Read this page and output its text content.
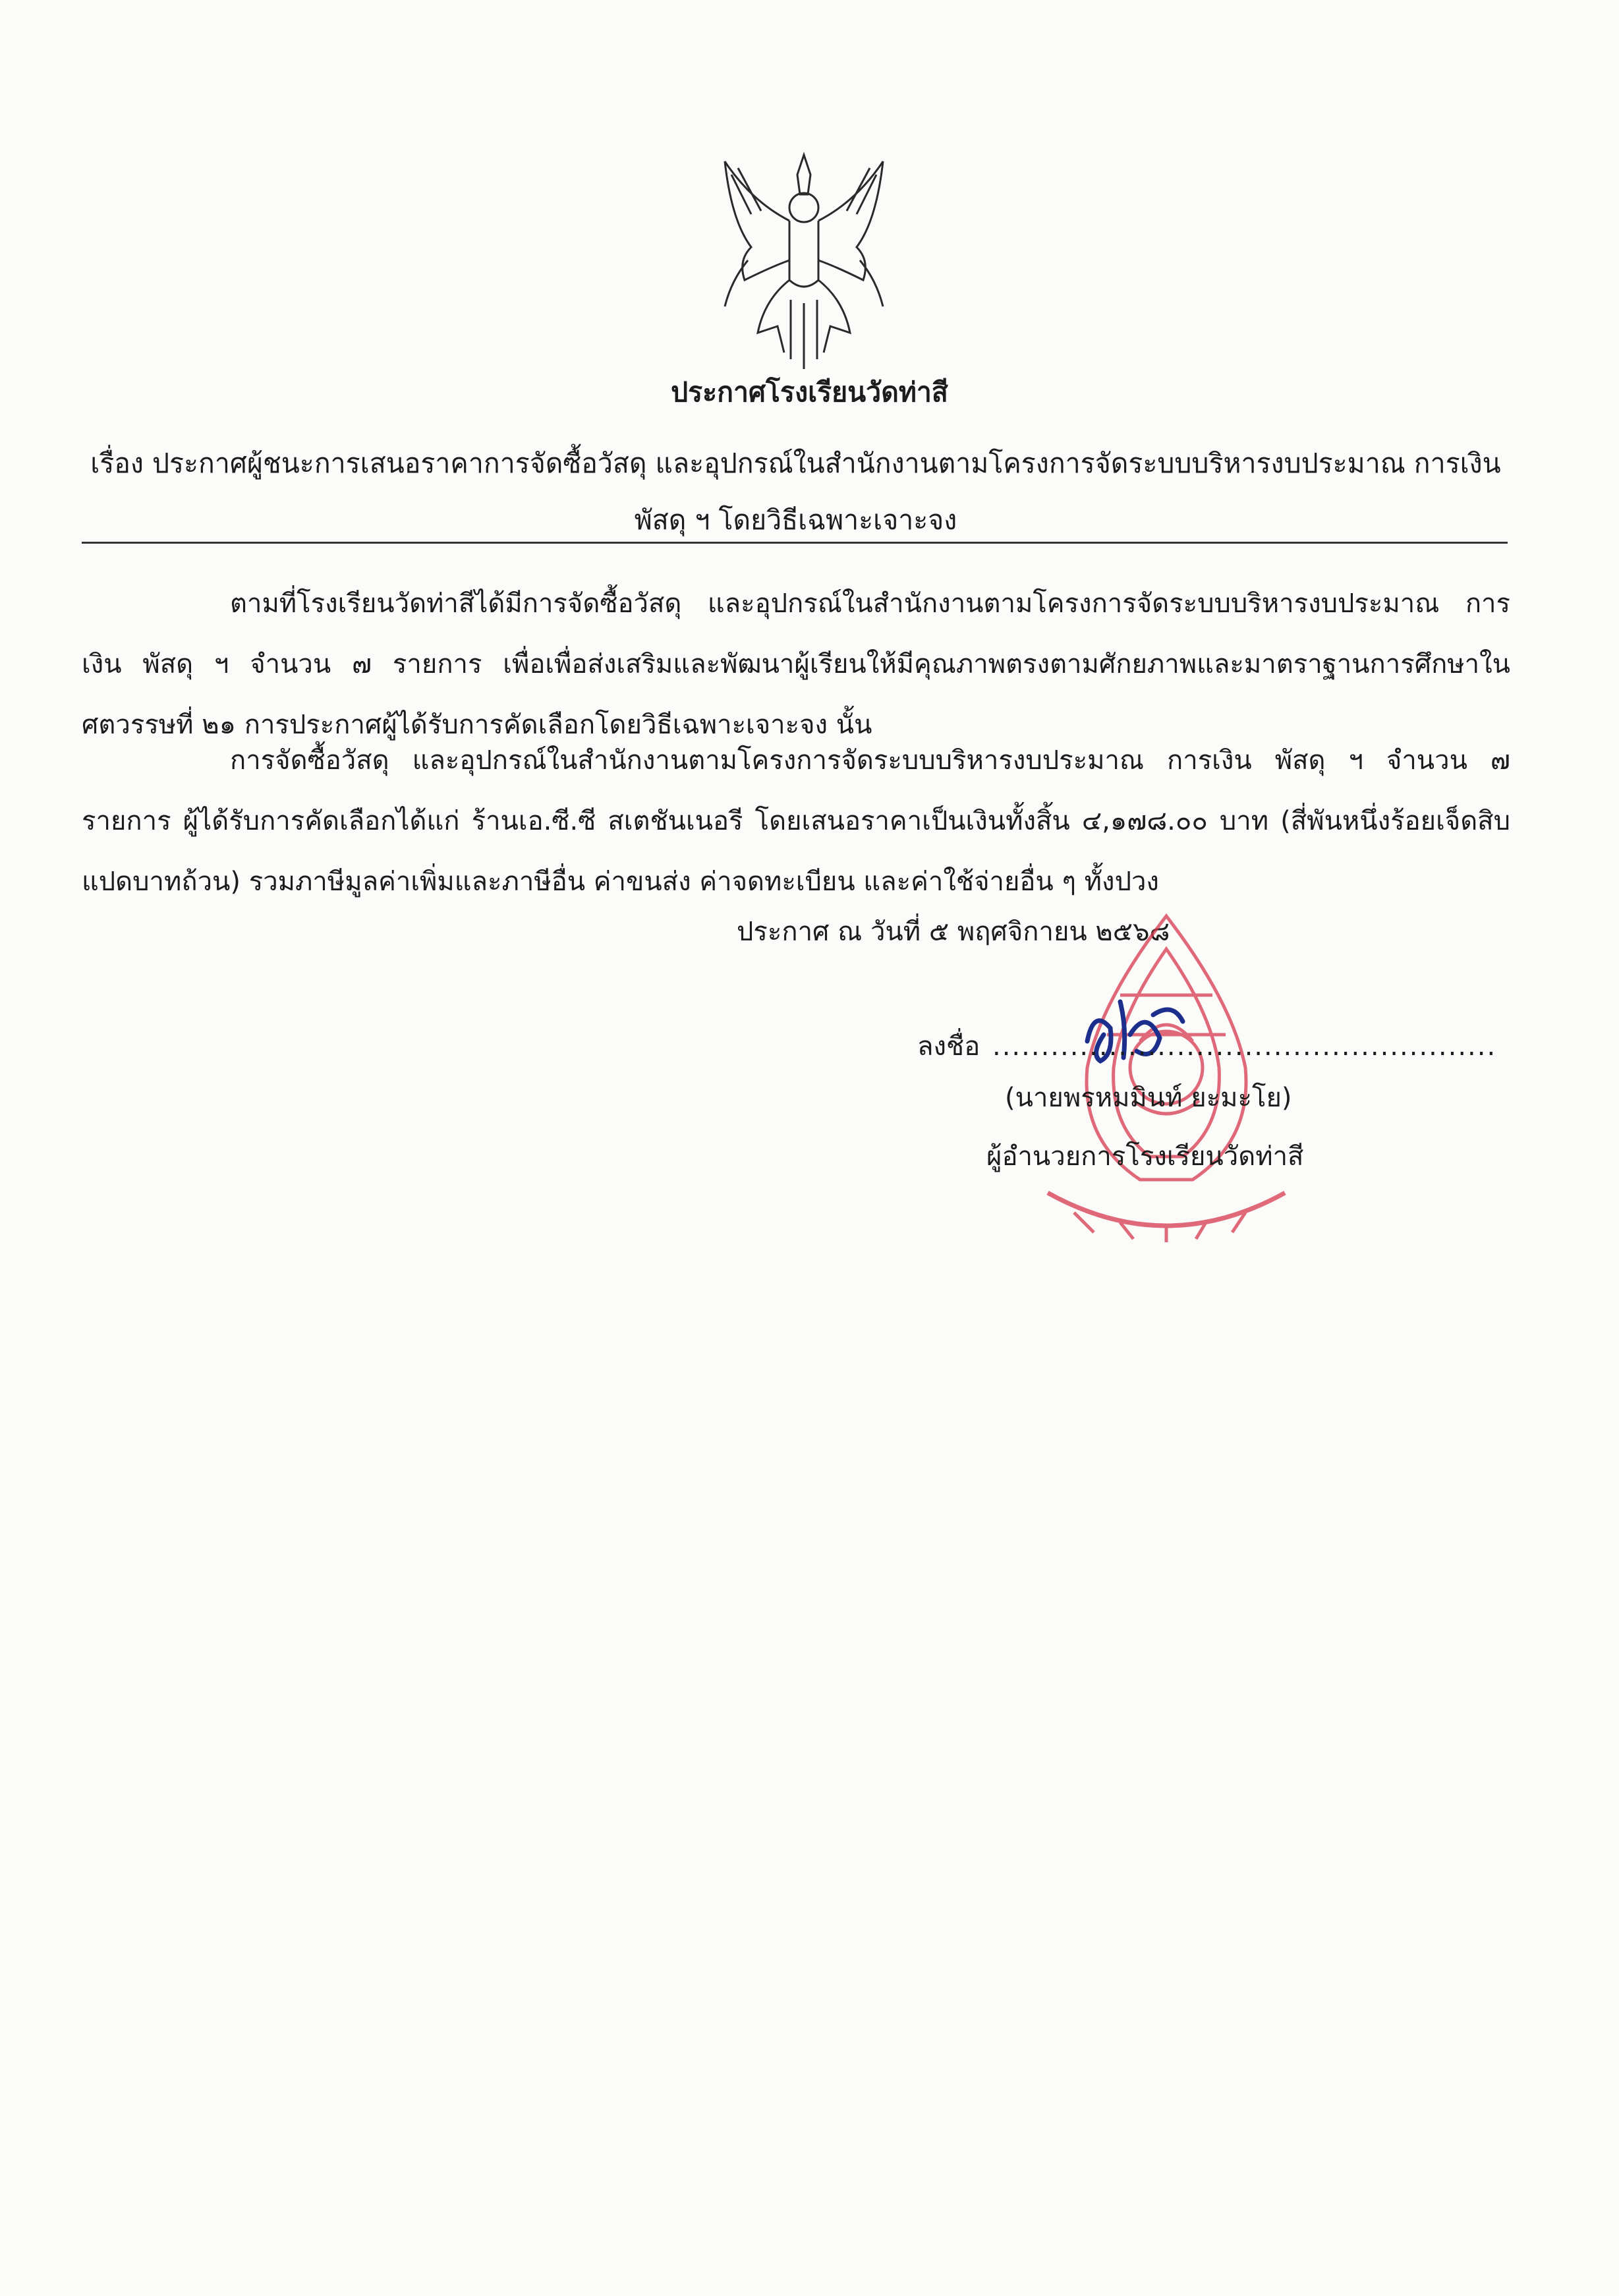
ประกาศโรงเรียนวัดท่าสี
เรื่อง ประกาศผู้ชนะการเสนอราคาการจัดซื้อวัสดุ และอุปกรณ์ในสำนักงานตามโครงการจัดระบบบริหารงบประมาณ การเงิน พัสดุ ฯ โดยวิธีเฉพาะเจาะจง
ตามที่โรงเรียนวัดท่าสีได้มีการจัดซื้อวัสดุ และอุปกรณ์ในสำนักงานตามโครงการจัดระบบบริหารงบประมาณ การเงิน พัสดุ ฯ จำนวน ๗ รายการ เพื่อเพื่อส่งเสริมและพัฒนาผู้เรียนให้มีคุณภาพตรงตามศักยภาพและมาตราฐานการศึกษาในศตวรรษที่ ๒๑ การประกาศผู้ได้รับการคัดเลือกโดยวิธีเฉพาะเจาะจง นั้น
การจัดซื้อวัสดุ และอุปกรณ์ในสำนักงานตามโครงการจัดระบบบริหารงบประมาณ การเงิน พัสดุ ฯ จำนวน ๗ รายการ ผู้ได้รับการคัดเลือกได้แก่ ร้านเอ.ซี.ซี สเตชันเนอรี โดยเสนอราคาเป็นเงินทั้งสิ้น ๔,๑๗๘.๐๐ บาท (สี่พันหนึ่งร้อยเจ็ดสิบแปดบาทถ้วน) รวมภาษีมูลค่าเพิ่มและภาษีอื่น ค่าขนส่ง ค่าจดทะเบียน และค่าใช้จ่ายอื่น ๆ ทั้งปวง
ประกาศ ณ วันที่ ๕ พฤศจิกายน ๒๕๖๘
ลงชื่อ ....................................................
(นายพรหมมินท์ ยะมะโย)
ผู้อำนวยการโรงเรียนวัดท่าสี
